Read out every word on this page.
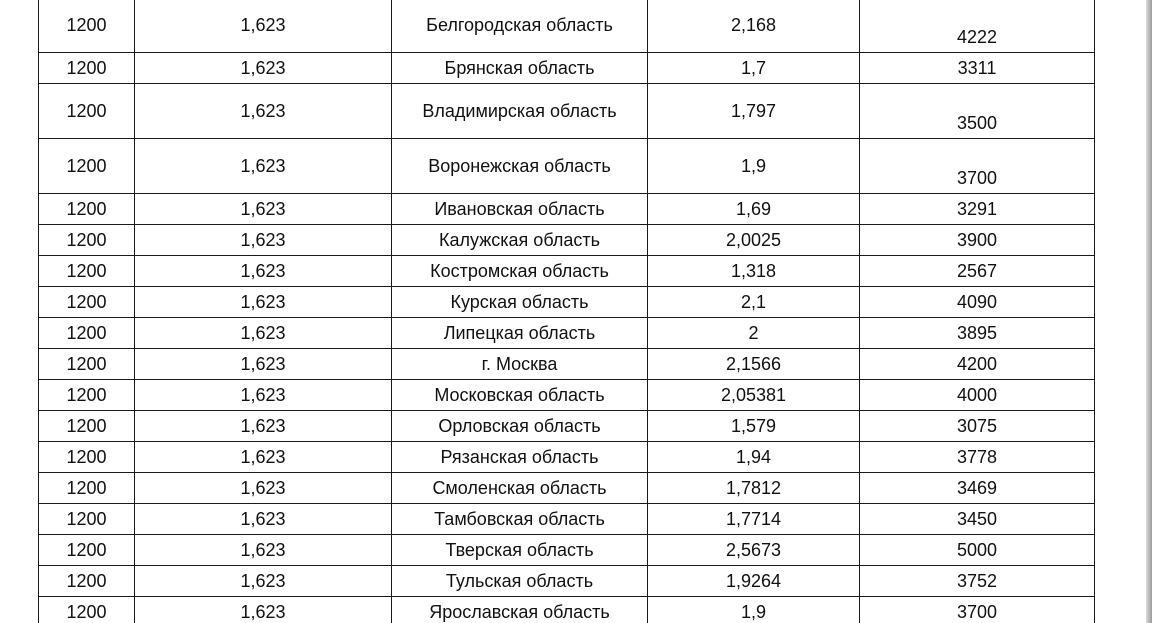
1200	1,623	Белгородская область	2,168	4222
1200	1,623	Брянская область	1,7	3311
1200	1,623	Владимирская область	1,797	3500
1200	1,623	Воронежская область	1,9	3700
1200	1,623	Ивановская область	1,69	3291
1200	1,623	Калужская область	2,0025	3900
1200	1,623	Костромская область	1,318	2567
1200	1,623	Курская область	2,1	4090
1200	1,623	Липецкая область	2	3895
1200	1,623	г. Москва	2,1566	4200
1200	1,623	Московская область	2,05381	4000
1200	1,623	Орловская область	1,579	3075
1200	1,623	Рязанская область	1,94	3778
1200	1,623	Смоленская область	1,7812	3469
1200	1,623	Тамбовская область	1,7714	3450
1200	1,623	Тверская область	2,5673	5000
1200	1,623	Тульская область	1,9264	3752
1200	1,623	Ярославская область	1,9	3700
